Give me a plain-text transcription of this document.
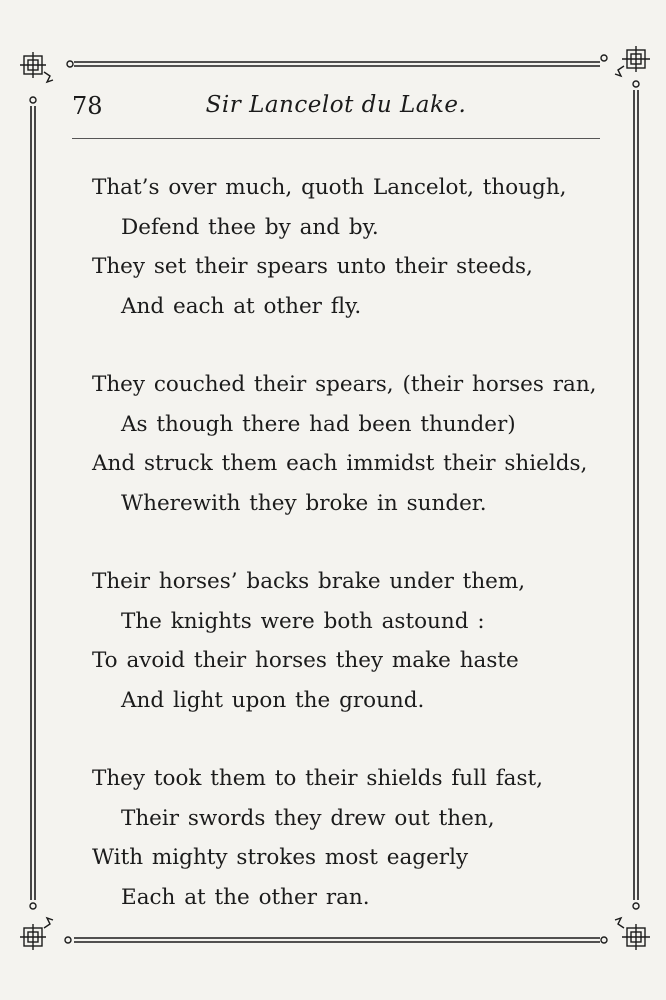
78	Sir Lancelot du Lake.
That’s over much, quoth Lancelot, though,
Defend thee by and by.
They set their spears unto their steeds,
And each at other fly.
They couched their spears, (their horses ran,
As though there had been thunder)
And struck them each immidst their shields,
Wherewith they broke in sunder.
Their horses’ backs brake under them,
The knights were both astound :
To avoid their horses they make haste
And light upon the ground.
They took them to their shields full fast,
Their swords they drew out then,
With mighty strokes most eagerly
Each at the other ran.
